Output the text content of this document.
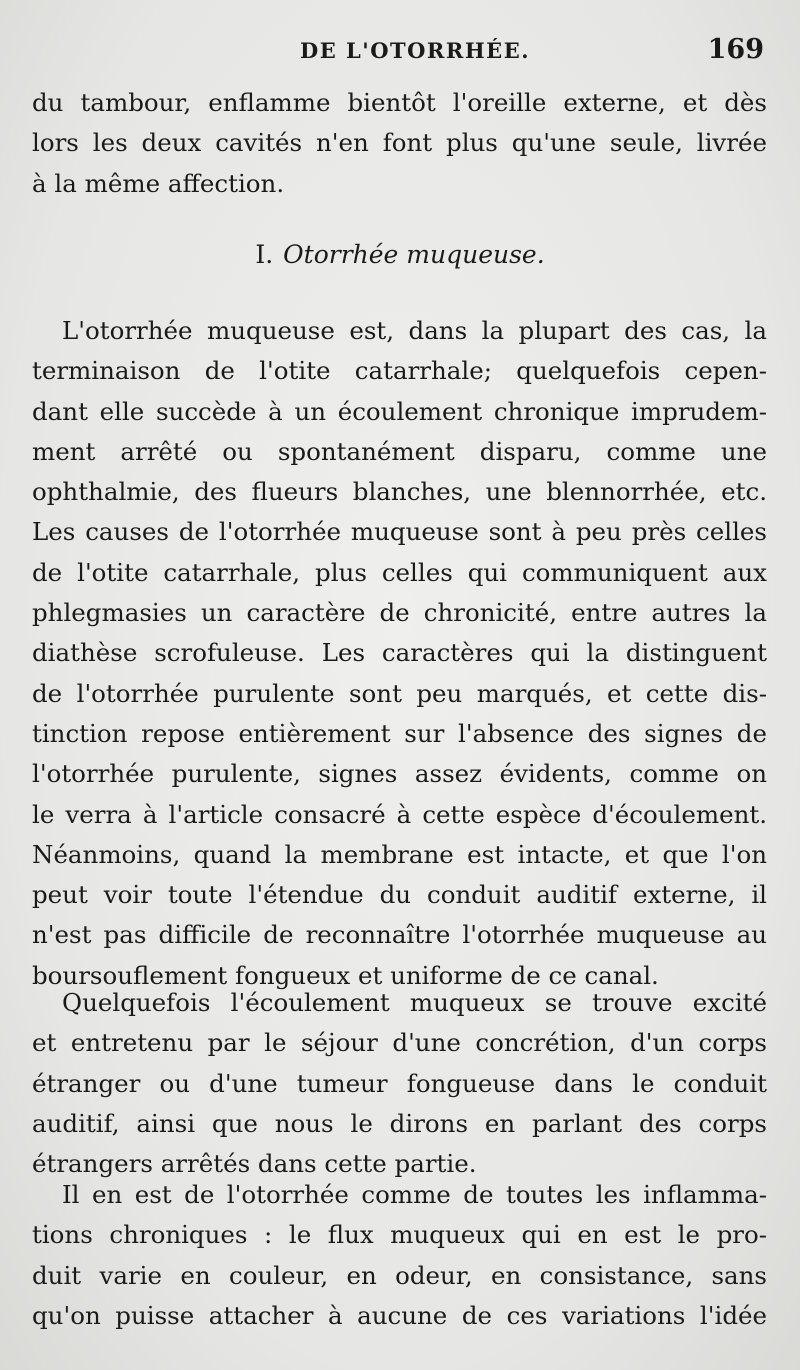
DE L'OTORRHÉE.	169
du tambour, enflamme bientôt l'oreille externe, et dès
lors les deux cavités n'en font plus qu'une seule, livrée
à la même affection.
I. Otorrhée muqueuse.
L'otorrhée muqueuse est, dans la plupart des cas, la
terminaison de l'otite catarrhale; quelquefois cepen-
dant elle succède à un écoulement chronique imprudem-
ment arrêté ou spontanément disparu, comme une
ophthalmie, des flueurs blanches, une blennorrhée, etc.
Les causes de l'otorrhée muqueuse sont à peu près celles
de l'otite catarrhale, plus celles qui communiquent aux
phlegmasies un caractère de chronicité, entre autres la
diathèse scrofuleuse. Les caractères qui la distinguent
de l'otorrhée purulente sont peu marqués, et cette dis-
tinction repose entièrement sur l'absence des signes de
l'otorrhée purulente, signes assez évidents, comme on
le verra à l'article consacré à cette espèce d'écoulement.
Néanmoins, quand la membrane est intacte, et que l'on
peut voir toute l'étendue du conduit auditif externe, il
n'est pas difficile de reconnaître l'otorrhée muqueuse au
boursouflement fongueux et uniforme de ce canal.
Quelquefois l'écoulement muqueux se trouve excité
et entretenu par le séjour d'une concrétion, d'un corps
étranger ou d'une tumeur fongueuse dans le conduit
auditif, ainsi que nous le dirons en parlant des corps
étrangers arrêtés dans cette partie.
Il en est de l'otorrhée comme de toutes les inflamma-
tions chroniques : le flux muqueux qui en est le pro-
duit varie en couleur, en odeur, en consistance, sans
qu'on puisse attacher à aucune de ces variations l'idée
